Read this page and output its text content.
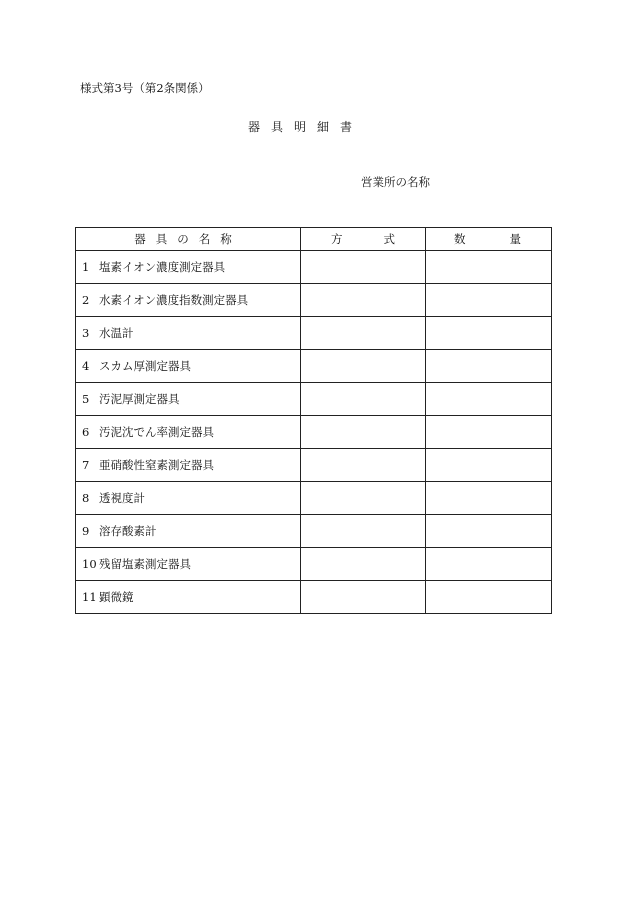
様式第3号（第2条関係）
器具明細書
営業所の名称
器具の名称	方 式	数 量

1 塩素イオン濃度測定器具		
2 水素イオン濃度指数測定器具		
3 水温計		
4 スカム厚測定器具		
5 汚泥厚測定器具		
6 汚泥沈でん率測定器具		
7 亜硝酸性窒素測定器具		
8 透視度計		
9 溶存酸素計		
10 残留塩素測定器具		
11 顕微鏡		
